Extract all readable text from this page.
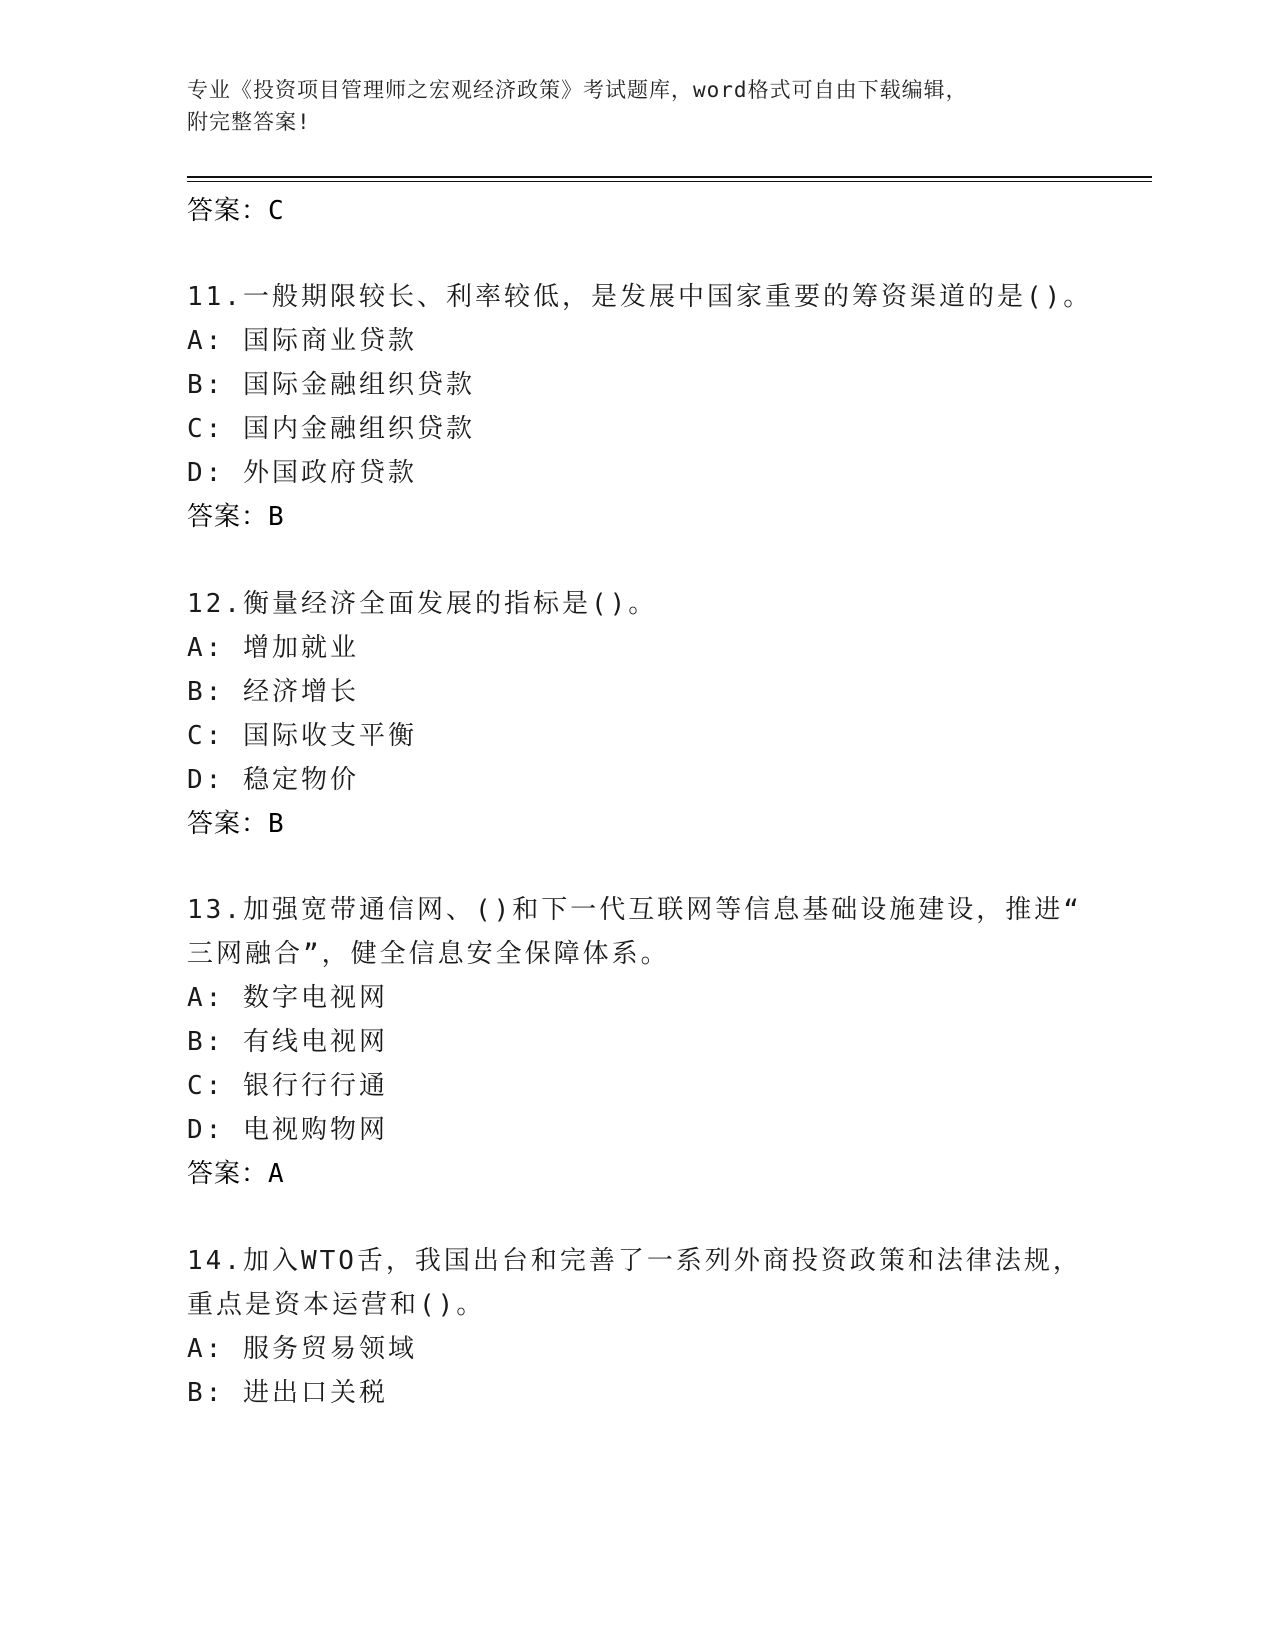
专业《投资项目管理师之宏观经济政策》考试题库，word格式可自由下载编辑，
附完整答案!
答案：C
11.一般期限较长、利率较低，是发展中国家重要的筹资渠道的是()。
A: 国际商业贷款
B: 国际金融组织贷款
C: 国内金融组织贷款
D: 外国政府贷款
答案：B
12.衡量经济全面发展的指标是()。
A: 增加就业
B: 经济增长
C: 国际收支平衡
D: 稳定物价
答案：B
13.加强宽带通信网、()和下一代互联网等信息基础设施建设，推进“
三网融合”，健全信息安全保障体系。
A: 数字电视网
B: 有线电视网
C: 银行行行通
D: 电视购物网
答案：A
14.加入WTO舌，我国出台和完善了一系列外商投资政策和法律法规，
重点是资本运营和()。
A: 服务贸易领域
B: 进出口关税
